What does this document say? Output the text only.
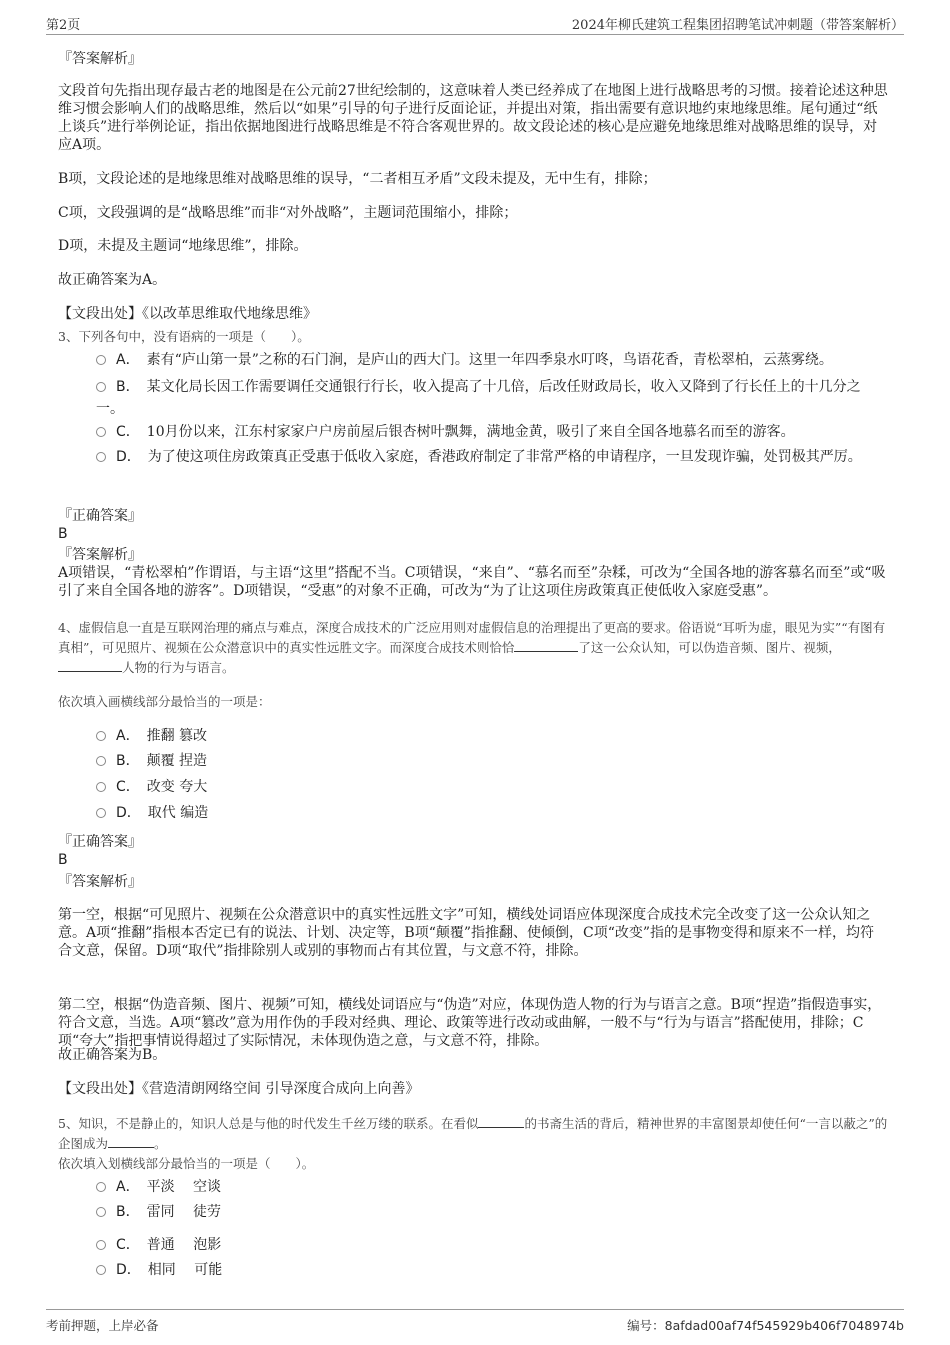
第2页	2024年柳氏建筑工程集团招聘笔试冲刺题（带答案解析）
『答案解析』
文段首句先指出现存最古老的地图是在公元前27世纪绘制的，这意味着人类已经养成了在地图上进行战略思考的习惯。接着论述这种思维习惯会影响人们的战略思维，然后以“如果”引导的句子进行反面论证，并提出对策，指出需要有意识地约束地缘思维。尾句通过“纸上谈兵”进行举例论证，指出依据地图进行战略思维是不符合客观世界的。故文段论述的核心是应避免地缘思维对战略思维的误导，对应A项。
B项，文段论述的是地缘思维对战略思维的误导，“二者相互矛盾”文段未提及，无中生有，排除；
C项，文段强调的是“战略思维”而非“对外战略”，主题词范围缩小，排除；
D项，未提及主题词“地缘思维”，排除。
故正确答案为A。
【文段出处】《以改革思维取代地缘思维》
3、下列各句中，没有语病的一项是（　　）。
A．　 素有“庐山第一景”之称的石门涧，是庐山的西大门。这里一年四季泉水叮咚，鸟语花香，青松翠柏，云蒸雾绕。
B．　 某文化局长因工作需要调任交通银行行长，收入提高了十几倍，后改任财政局长，收入又降到了行长任上的十几分之一。
C．　 10月份以来，江东村家家户户房前屋后银杏树叶飘舞，满地金黄，吸引了来自全国各地慕名而至的游客。
D．　 为了使这项住房政策真正受惠于低收入家庭，香港政府制定了非常严格的申请程序，一旦发现诈骗，处罚极其严厉。
『正确答案』
B
『答案解析』
A项错误，“青松翠柏”作谓语，与主语“这里”搭配不当。C项错误，“来自”、“慕名而至”杂糅，可改为“全国各地的游客慕名而至”或“吸引了来自全国各地的游客”。D项错误，“受惠”的对象不正确，可改为“为了让这项住房政策真正使低收入家庭受惠”。
4、虚假信息一直是互联网治理的痛点与难点，深度合成技术的广泛应用则对虚假信息的治理提出了更高的要求。俗语说“耳听为虚，眼见为实”“有图有真相”，可见照片、视频在公众潜意识中的真实性远胜文字。而深度合成技术则恰恰	了这一公众认知，可以伪造音频、图片、视频，人物的行为与语言。
依次填入画横线部分最恰当的一项是：
A．　 推翻 篡改
B．　 颠覆 捏造
C．　 改变 夸大
D．　 取代 编造
『正确答案』
B
『答案解析』
第一空，根据“可见照片、视频在公众潜意识中的真实性远胜文字”可知，横线处词语应体现深度合成技术完全改变了这一公众认知之意。A项“推翻”指根本否定已有的说法、计划、决定等，B项“颠覆”指推翻、使倾倒，C项“改变”指的是事物变得和原来不一样，均符合文意，保留。D项“取代”指排除别人或别的事物而占有其位置，与文意不符，排除。
第二空，根据“伪造音频、图片、视频”可知，横线处词语应与“伪造”对应，体现伪造人物的行为与语言之意。B项“捏造”指假造事实，符合文意，当选。A项“篡改”意为用作伪的手段对经典、理论、政策等进行改动或曲解，一般不与“行为与语言”搭配使用，排除；C项“夸大”指把事情说得超过了实际情况，未体现伪造之意，与文意不符，排除。
故正确答案为B。
【文段出处】《营造清朗网络空间 引导深度合成向上向善》
5、知识，不是静止的，知识人总是与他的时代发生千丝万缕的联系。在看似	的书斋生活的背后，精神世界的丰富图景却使任何“一言以蔽之”的企图成为	。
依次填入划横线部分最恰当的一项是（　　）。
A．　 平淡　 空谈
B．　 雷同　 徒劳
C．　 普通　 泡影
D．　 相同　 可能
考前押题，上岸必备	编号：8afdad00af74f545929b406f7048974b
